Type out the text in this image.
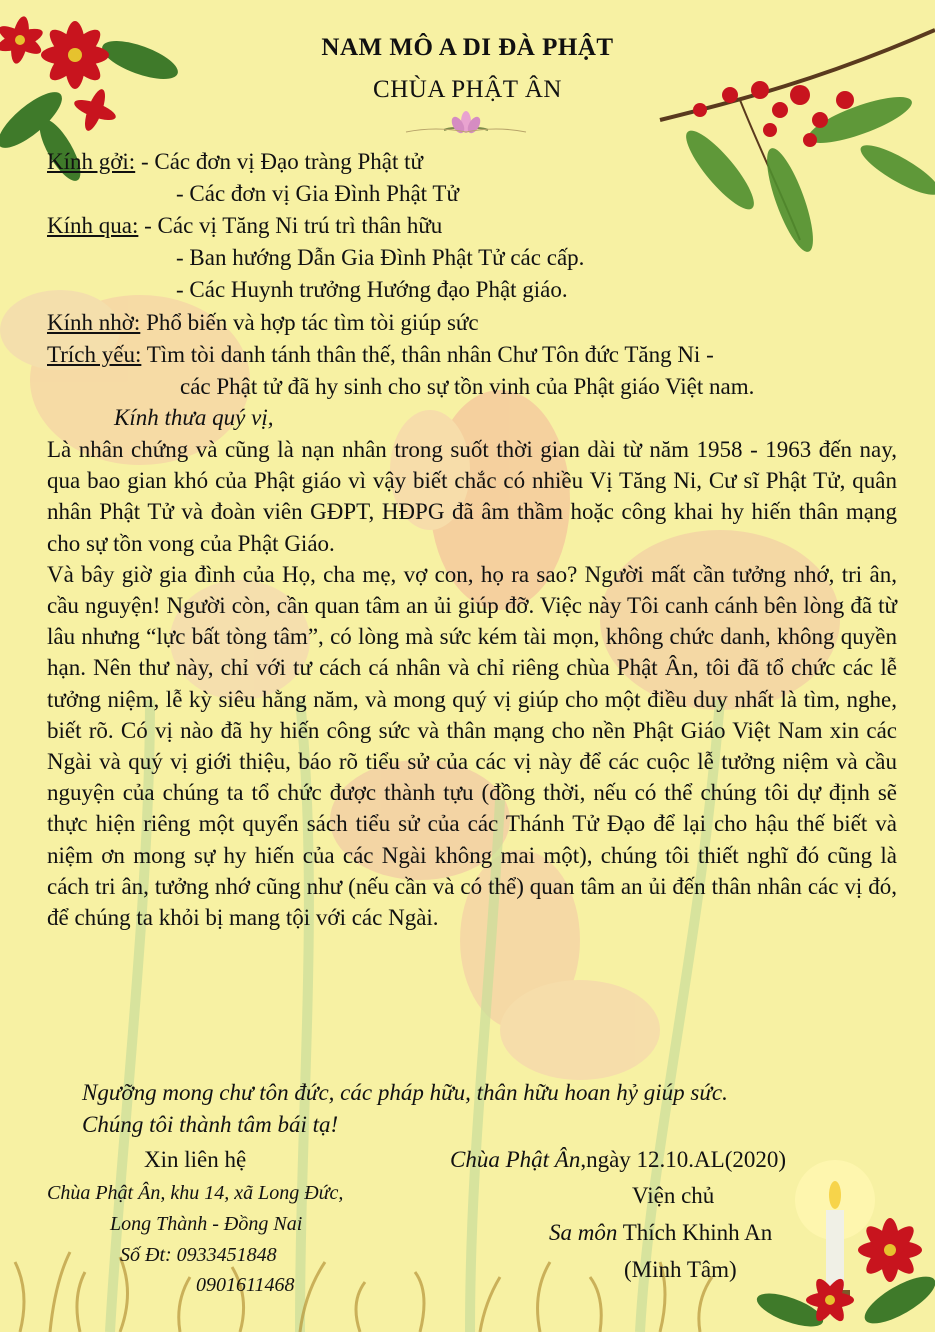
NAM MÔ A DI ĐÀ PHẬT
CHÙA PHẬT ÂN
Kính gởi: - Các đơn vị Đạo tràng Phật tử
- Các đơn vị Gia Đình Phật Tử
Kính qua: - Các vị Tăng Ni trú trì thân hữu
- Ban hướng Dẫn Gia Đình Phật Tử các cấp.
- Các Huynh trưởng Hướng đạo Phật giáo.
Kính nhờ: Phổ biến và hợp tác tìm tòi giúp sức
Trích yếu: Tìm tòi danh tánh thân thế, thân nhân Chư Tôn đức Tăng Ni -
các Phật tử đã hy sinh cho sự tồn vinh của Phật giáo Việt nam.
Kính thưa quý vị,

Là nhân chứng và cũng là nạn nhân trong suốt thời gian dài từ năm 1958 - 1963 đến nay, qua bao gian khó của Phật giáo vì vậy biết chắc có nhiều Vị Tăng Ni, Cư sĩ Phật Tử, quân nhân Phật Tử và đoàn viên GĐPT, HĐPG đã âm thầm hoặc công khai hy hiến thân mạng cho sự tồn vong của Phật Giáo.

Và bây giờ gia đình của Họ, cha mẹ, vợ con, họ ra sao? Người mất cần tưởng nhớ, tri ân, cầu nguyện! Người còn, cần quan tâm an ủi giúp đỡ. Việc này Tôi canh cánh bên lòng đã từ lâu nhưng “lực bất tòng tâm”, có lòng mà sức kém tài mọn, không chức danh, không quyền hạn. Nên thư này, chỉ với tư cách cá nhân và chỉ riêng chùa Phật Ân, tôi đã tổ chức các lễ tưởng niệm, lễ kỳ siêu hằng năm, và mong quý vị giúp cho một điều duy nhất là tìm, nghe, biết rõ. Có vị nào đã hy hiến công sức và thân mạng cho nền Phật Giáo Việt Nam xin các Ngài và quý vị giới thiệu, báo rõ tiểu sử của các vị này để các cuộc lễ tưởng niệm và cầu nguyện của chúng ta tổ chức được thành tựu (đồng thời, nếu có thể chúng tôi dự định sẽ thực hiện riêng một quyển sách tiểu sử của các Thánh Tử Đạo để lại cho hậu thế biết và niệm ơn mong sự hy hiến của các Ngài không mai một), chúng tôi thiết nghĩ đó cũng là cách tri ân, tưởng nhớ cũng như (nếu cần và có thể) quan tâm an ủi đến thân nhân các vị đó, để chúng ta khỏi bị mang tội với các Ngài.

Ngưỡng mong chư tôn đức, các pháp hữu, thân hữu hoan hỷ giúp sức.
Chúng tôi thành tâm bái tạ!
Xin liên hệ
Chùa Phật Ân, khu 14, xã Long Đức,
Long Thành - Đồng Nai
Số Đt: 0933451848
0901611468
Chùa Phật Ân,ngày 12.10.AL(2020)
Viện chủ
Sa môn Thích Khinh An
(Minh Tâm)
